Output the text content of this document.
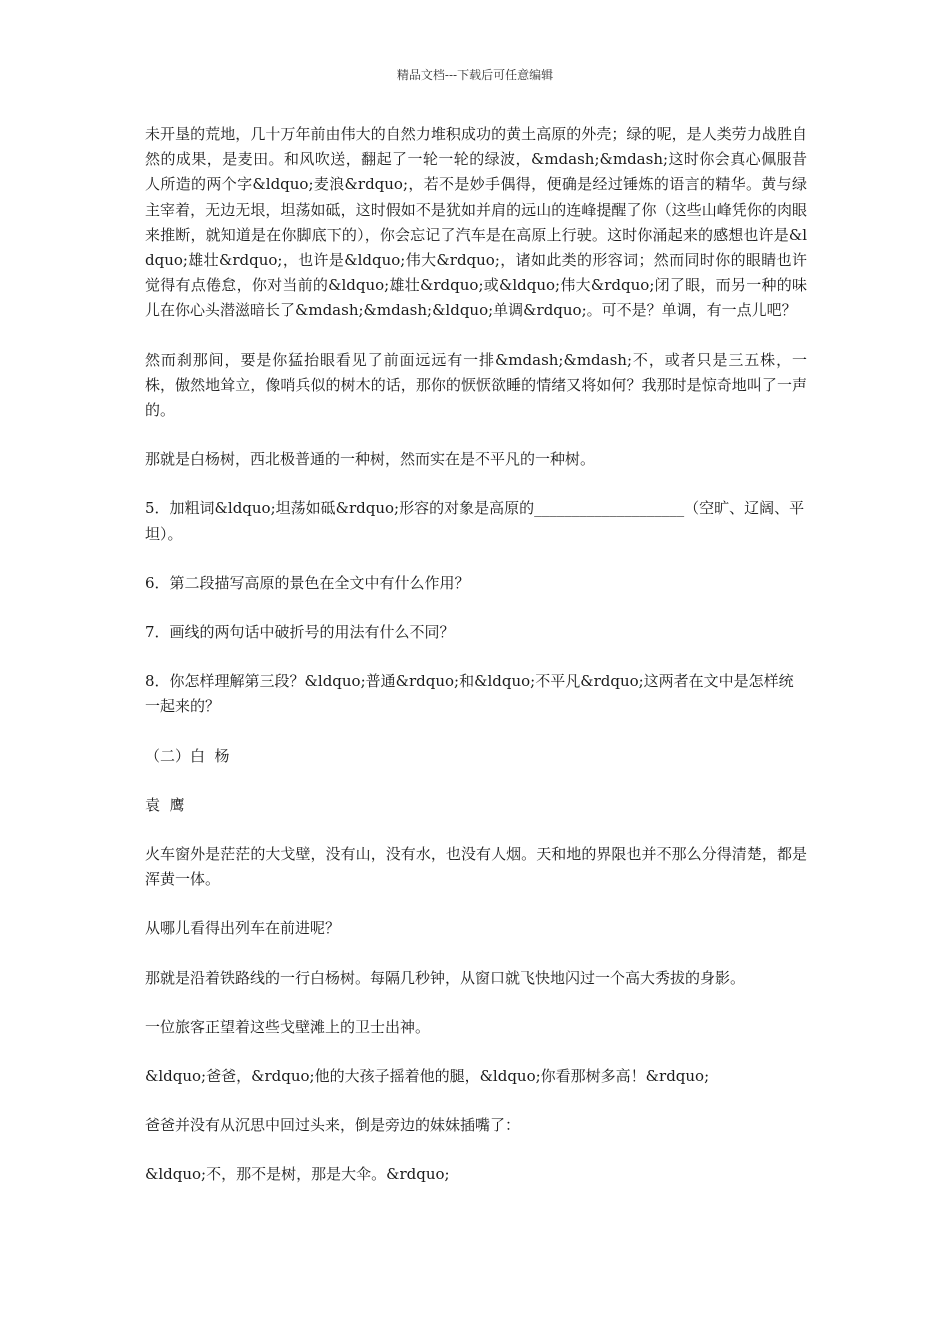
精品文档---下载后可任意编辑

未开垦的荒地，几十万年前由伟大的自然力堆积成功的黄土高原的外壳；绿的呢，是人类劳力战胜自然的成果，是麦田。和风吹送，翻起了一轮一轮的绿波，&mdash;&mdash;这时你会真心佩服昔人所造的两个字&ldquo;麦浪&rdquo;，若不是妙手偶得，便确是经过锤炼的语言的精华。黄与绿主宰着，无边无垠，坦荡如砥，这时假如不是犹如并肩的远山的连峰提醒了你（这些山峰凭你的肉眼来推断，就知道是在你脚底下的），你会忘记了汽车是在高原上行驶。这时你涌起来的感想也许是&ldquo;雄壮&rdquo;，也许是&ldquo;伟大&rdquo;，诸如此类的形容词；然而同时你的眼睛也许觉得有点倦怠，你对当前的&ldquo;雄壮&rdquo;或&ldquo;伟大&rdquo;闭了眼，而另一种的味儿在你心头潜滋暗长了&mdash;&mdash;&ldquo;单调&rdquo;。可不是？单调，有一点儿吧？

然而刹那间，要是你猛抬眼看见了前面远远有一排&mdash;&mdash;不，或者只是三五株，一株，傲然地耸立，像哨兵似的树木的话，那你的恹恹欲睡的情绪又将如何？我那时是惊奇地叫了一声的。

那就是白杨树，西北极普通的一种树，然而实在是不平凡的一种树。

5．加粗词&ldquo;坦荡如砥&rdquo;形容的对象是高原的____________________（空旷、辽阔、平坦）。

6．第二段描写高原的景色在全文中有什么作用？

7．画线的两句话中破折号的用法有什么不同？

8．你怎样理解第三段？&ldquo;普通&rdquo;和&ldquo;不平凡&rdquo;这两者在文中是怎样统一起来的？

（二）白  杨

袁  鹰

火车窗外是茫茫的大戈壁，没有山，没有水，也没有人烟。天和地的界限也并不那么分得清楚，都是浑黄一体。

从哪儿看得出列车在前进呢？

那就是沿着铁路线的一行白杨树。每隔几秒钟，从窗口就飞快地闪过一个高大秀拔的身影。

一位旅客正望着这些戈壁滩上的卫士出神。

&ldquo;爸爸，&rdquo;他的大孩子摇着他的腿，&ldquo;你看那树多高！&rdquo;

爸爸并没有从沉思中回过头来，倒是旁边的妹妹插嘴了：

&ldquo;不，那不是树，那是大伞。&rdquo;
